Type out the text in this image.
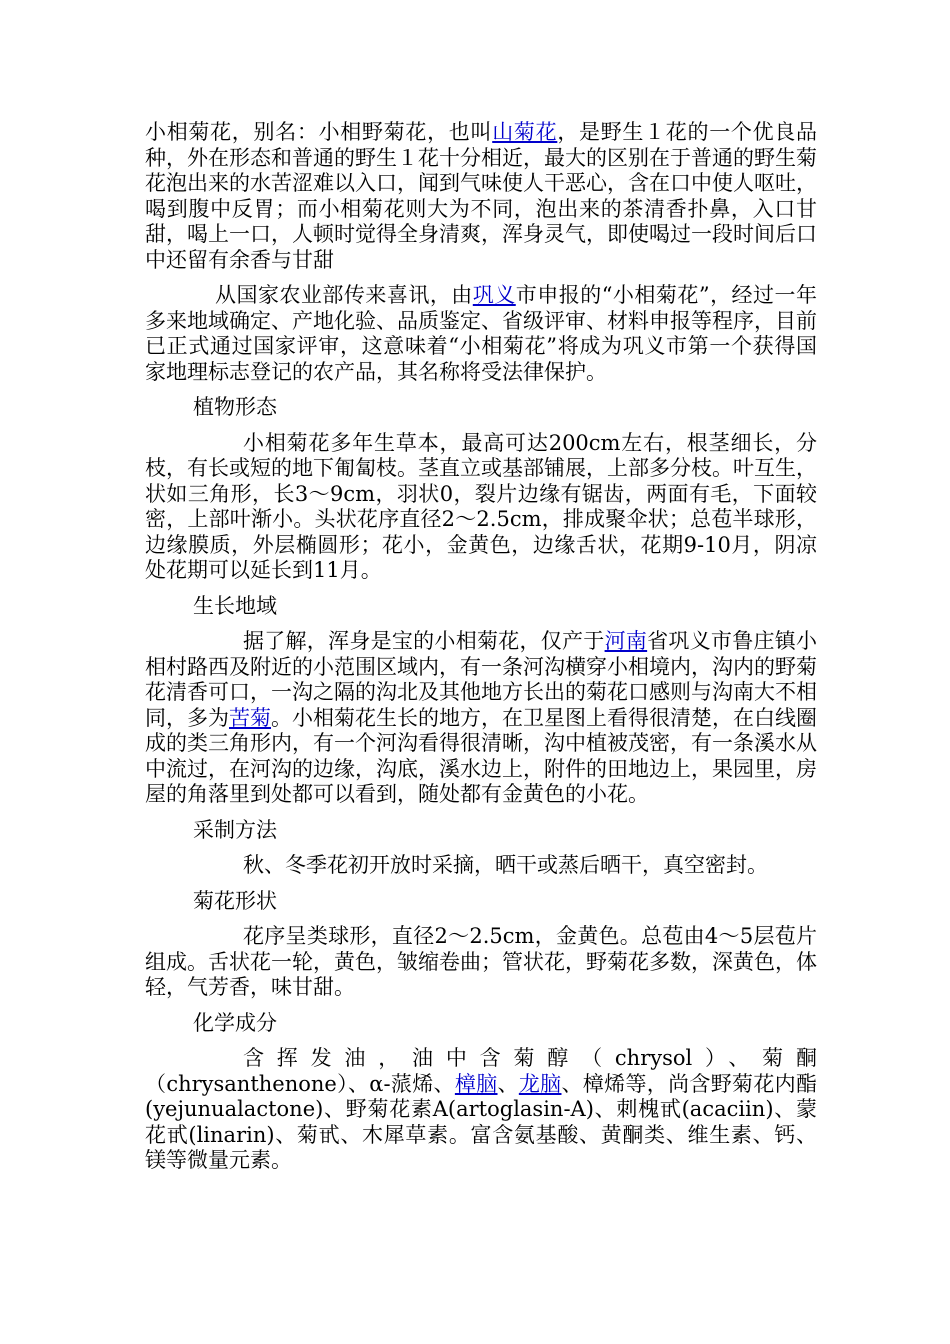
小相菊花，别名：小相野菊花，也叫山菊花，是野生１花的一个优良品种，外在形态和普通的野生１花十分相近，最大的区别在于普通的野生菊花泡出来的水苦涩难以入口，闻到气味使人干恶心，含在口中使人呕吐，喝到腹中反胃；而小相菊花则大为不同，泡出来的茶清香扑鼻，入口甘甜，喝上一口，人顿时觉得全身清爽，浑身灵气，即使喝过一段时间后口中还留有余香与甘甜

从国家农业部传来喜讯，由巩义市申报的“小相菊花”，经过一年多来地域确定、产地化验、品质鉴定、省级评审、材料申报等程序，目前已正式通过国家评审，这意味着“小相菊花”将成为巩义市第一个获得国家地理标志登记的农产品，其名称将受法律保护。

植物形态

小相菊花多年生草本，最高可达200cm左右，根茎细长，分枝，有长或短的地下匍匐枝。茎直立或基部铺展，上部多分枝。叶互生，状如三角形，长3～9cm，羽状0，裂片边缘有锯齿，两面有毛，下面较密，上部叶渐小。头状花序直径2～2.5cm，排成聚伞状；总苞半球形，边缘膜质，外层椭圆形；花小，金黄色，边缘舌状，花期9-10月，阴凉处花期可以延长到11月。

生长地域

据了解，浑身是宝的小相菊花，仅产于河南省巩义市鲁庄镇小相村路西及附近的小范围区域内，有一条河沟横穿小相境内，沟内的野菊花清香可口，一沟之隔的沟北及其他地方长出的菊花口感则与沟南大不相同，多为苦菊。小相菊花生长的地方，在卫星图上看得很清楚，在白线圈成的类三角形内，有一个河沟看得很清晰，沟中植被茂密，有一条溪水从中流过，在河沟的边缘，沟底，溪水边上，附件的田地边上，果园里，房屋的角落里到处都可以看到，随处都有金黄色的小花。

采制方法

秋、冬季花初开放时采摘，晒干或蒸后晒干，真空密封。

菊花形状

花序呈类球形，直径2～2.5cm，金黄色。总苞由4～5层苞片组成。舌状花一轮，黄色，皱缩卷曲；管状花，野菊花多数，深黄色，体轻，气芳香，味甘甜。

化学成分

含挥发油，油中含菊醇（chrysol）、菊酮（chrysanthenone）、α-蒎烯、樟脑、龙脑、樟烯等，尚含野菊花内酯(yejunualactone)、野菊花素A(artoglasin-A)、刺槐甙(acaciin)、蒙花甙(linarin)、菊甙、木犀草素。富含氨基酸、黄酮类、维生素、钙、镁等微量元素。
